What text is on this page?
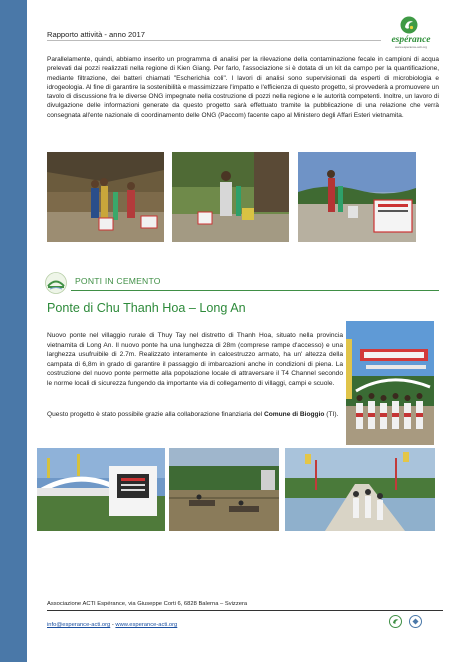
Rapporto attività - anno 2017
espérance
www.esperance-acti.org

Parallelamente, quindi, abbiamo inserito un programma di analisi per la rilevazione della contaminazione fecale in campioni di acqua prelevati dai pozzi realizzati nella regione di Kien Giang. Per farlo, l'associazione si è dotata di un kit da campo per la quantificazione, mediante filtrazione, dei batteri chiamati "Escherichia coli". I lavori di analisi sono supervisionati da esperti di microbiologia e idrogeologia. Al fine di garantire la sostenibilità e massimizzare l'impatto e l'efficienza di questo progetto, si provvederà a promuovere un tavolo di discussione fra le diverse ONG impegnate nella costruzione di pozzi nella regione e le autorità competenti. Inoltre, un lavoro di divulgazione delle informazioni generate da questo progetto sarà effettuato tramite la pubblicazione di una relazione che verrà consegnata all'ente nazionale di coordinamento delle ONG (Paccom) facente capo al Ministero degli Affari Esteri vietnamita.

PONTI IN CEMENTO
Ponte di Chu Thanh Hoa – Long An

Nuovo ponte nel villaggio rurale di Thuy Tay nel distretto di Thanh Hoa, situato nella provincia vietnamita di Long An. Il nuovo ponte ha una lunghezza di 28m (comprese rampe d'accesso) e una larghezza usufruibile di 2.7m. Realizzato interamente in calcestruzzo armato, ha un' altezza della campata di 6,8m in grado di garantire il passaggio di imbarcazioni anche in condizioni di piena. La costruzione del nuovo ponte permette alla popolazione locale di attraversare il T4 Channel secondo le norme locali di sicurezza fungendo da importante via di collegamento di villaggi, campi e scuole.

Questo progetto è stato possibile grazie alla collaborazione finanziaria del Comune di Bioggio (TI).

Associazione ACTI Espérance, via Giuseppe Corti 6, 6828 Balerna – Svizzera
info@esperance-acti.org - www.esperance-acti.org
